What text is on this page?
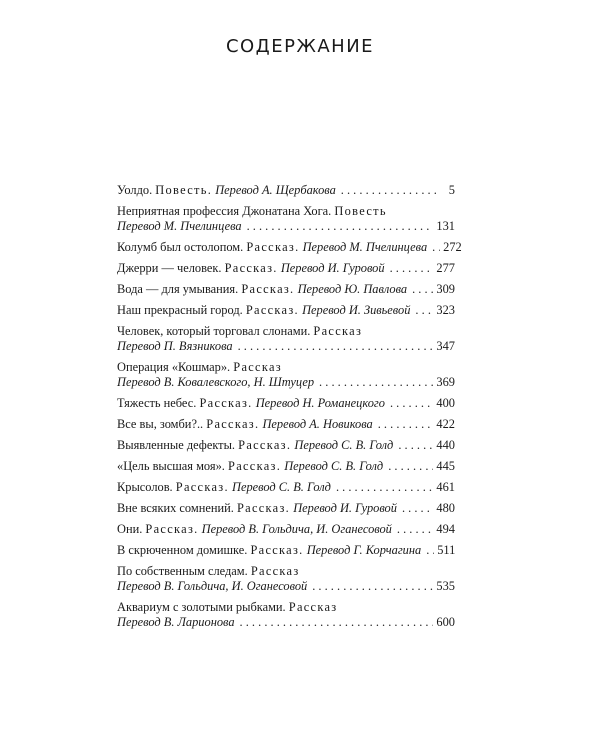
СОДЕРЖАНИЕ
Уолдо. Повесть. Перевод А. Щербакова . . .	5
Неприятная профессия Джонатана Хога. Повесть
Перевод М. Пчелинцева . . .	131
Колумб был остолопом. Рассказ. Перевод М. Пчелинцева . . . 272
Джерри — человек. Рассказ. Перевод И. Гуровой . . .	277
Вода — для умывания. Рассказ. Перевод Ю. Павлова . . . 309
Наш прекрасный город. Рассказ. Перевод И. Зивьевой . . . 323
Человек, который торговал слонами. Рассказ
Перевод П. Вязникова . . .	347
Операция «Кошмар». Рассказ
Перевод В. Ковалевского, Н. Штуцер . . .	369
Тяжесть небес. Рассказ. Перевод Н. Романецкого . . .	400
Все вы, зомби?.. Рассказ. Перевод А. Новикова . . .	422
Выявленные дефекты. Рассказ. Перевод С. В. Голд . . .	440
«Цель высшая моя». Рассказ. Перевод С. В. Голд . . .	445
Крысолов. Рассказ. Перевод С. В. Голд . . .	461
Вне всяких сомнений. Рассказ. Перевод И. Гуровой . . .	480
Они. Рассказ. Перевод В. Гольдича, И. Оганесовой . . .	494
В скрюченном домишке. Рассказ. Перевод Г. Корчагина . . . 511
По собственным следам. Рассказ
Перевод В. Гольдича, И. Оганесовой . . .	535
Аквариум с золотыми рыбками. Рассказ
Перевод В. Ларионова . . .	600
